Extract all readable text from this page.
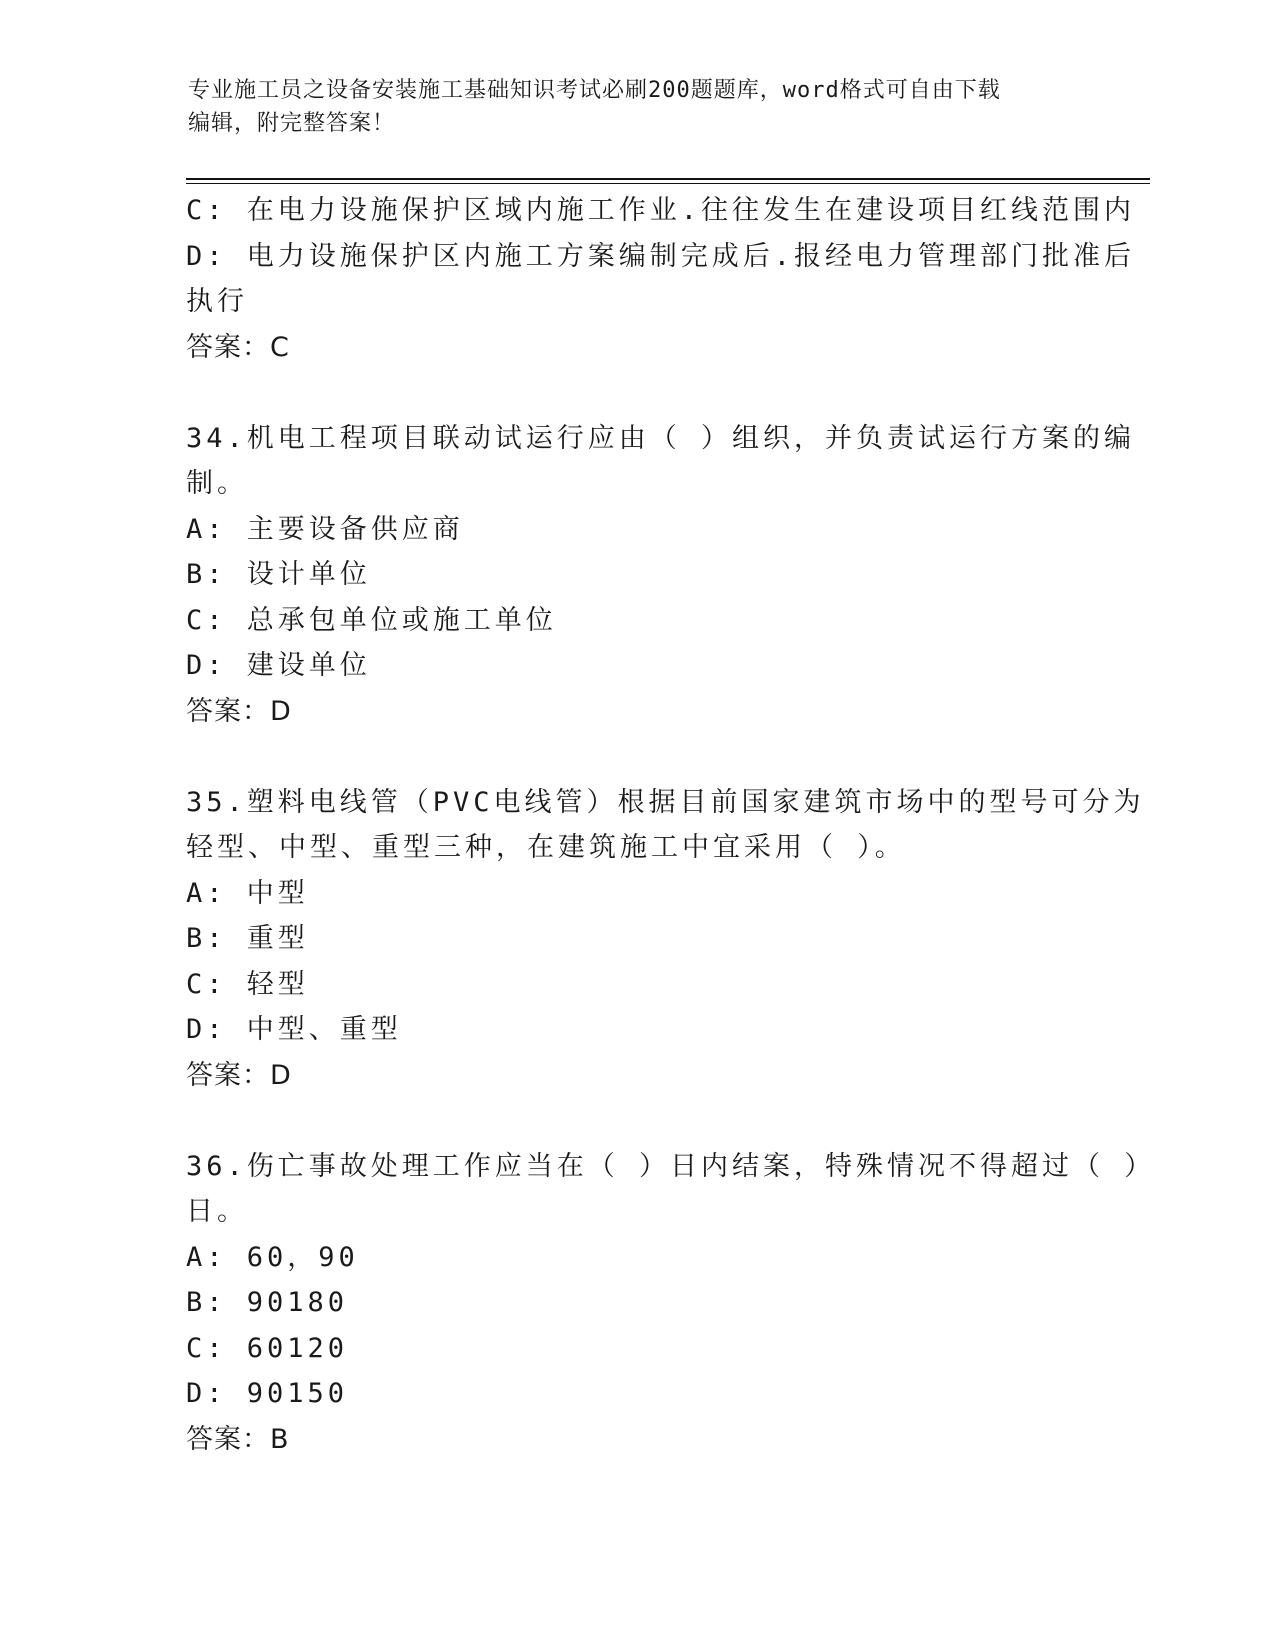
专业施工员之设备安装施工基础知识考试必刷200题题库，word格式可自由下载
编辑，附完整答案！
C: 在电力设施保护区域内施工作业.往往发生在建设项目红线范围内
D: 电力设施保护区内施工方案编制完成后.报经电力管理部门批准后
执行
答案：C
34.机电工程项目联动试运行应由（ ）组织，并负责试运行方案的编
制。
A: 主要设备供应商
B: 设计单位
C: 总承包单位或施工单位
D: 建设单位
答案：D
35.塑料电线管（PVC电线管）根据目前国家建筑市场中的型号可分为
轻型、中型、重型三种，在建筑施工中宜采用（ ）。
A: 中型
B: 重型
C: 轻型
D: 中型、重型
答案：D
36.伤亡事故处理工作应当在（ ）日内结案，特殊情况不得超过（ ）
日。
A: 60，90
B: 90180
C: 60120
D: 90150
答案：B
